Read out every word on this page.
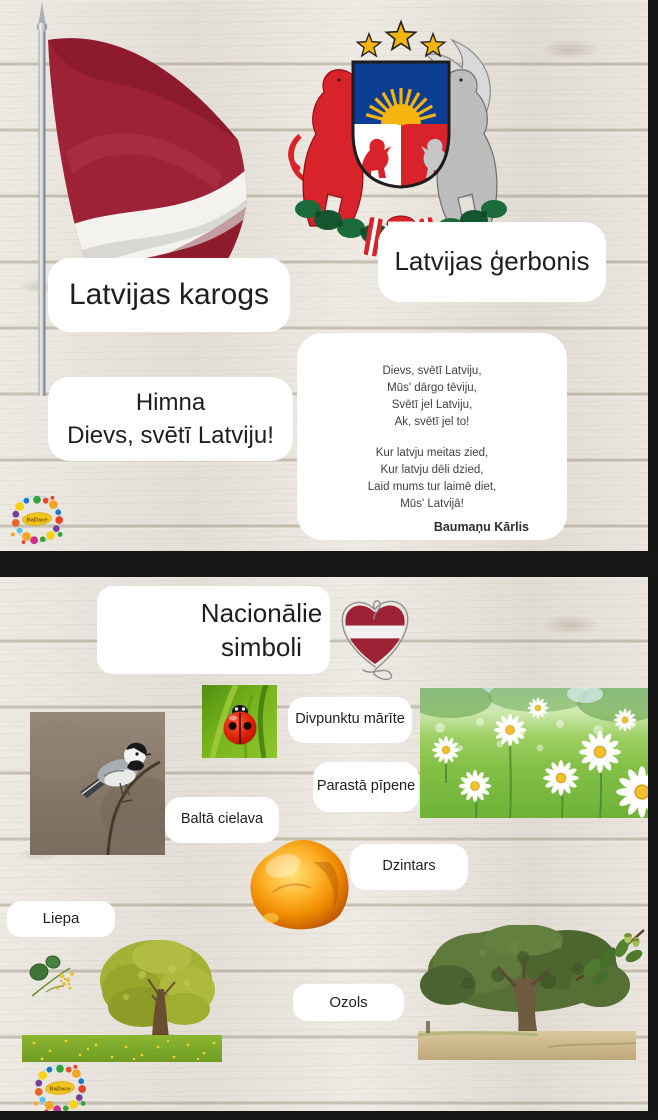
Latvijas karogs
Latvijas ģerbonis
Himna
Dievs, svētī Latviju!
Dievs, svētī Latviju,
Mūs' dārgo tēviju,
Svētī jel Latviju,
Ak, svētī jel to!
Kur latvju meitas zied,
Kur latvju dēli dzied,
Laid mums tur laimē diet,
Mūs' Latvijā!
Baumaņu Kārlis
BaDace
Nacionālie
simboli
Divpunktu mārīte
Parastā pīpene
Baltā cielava
Dzintars
Liepa
Ozols
BaDace
